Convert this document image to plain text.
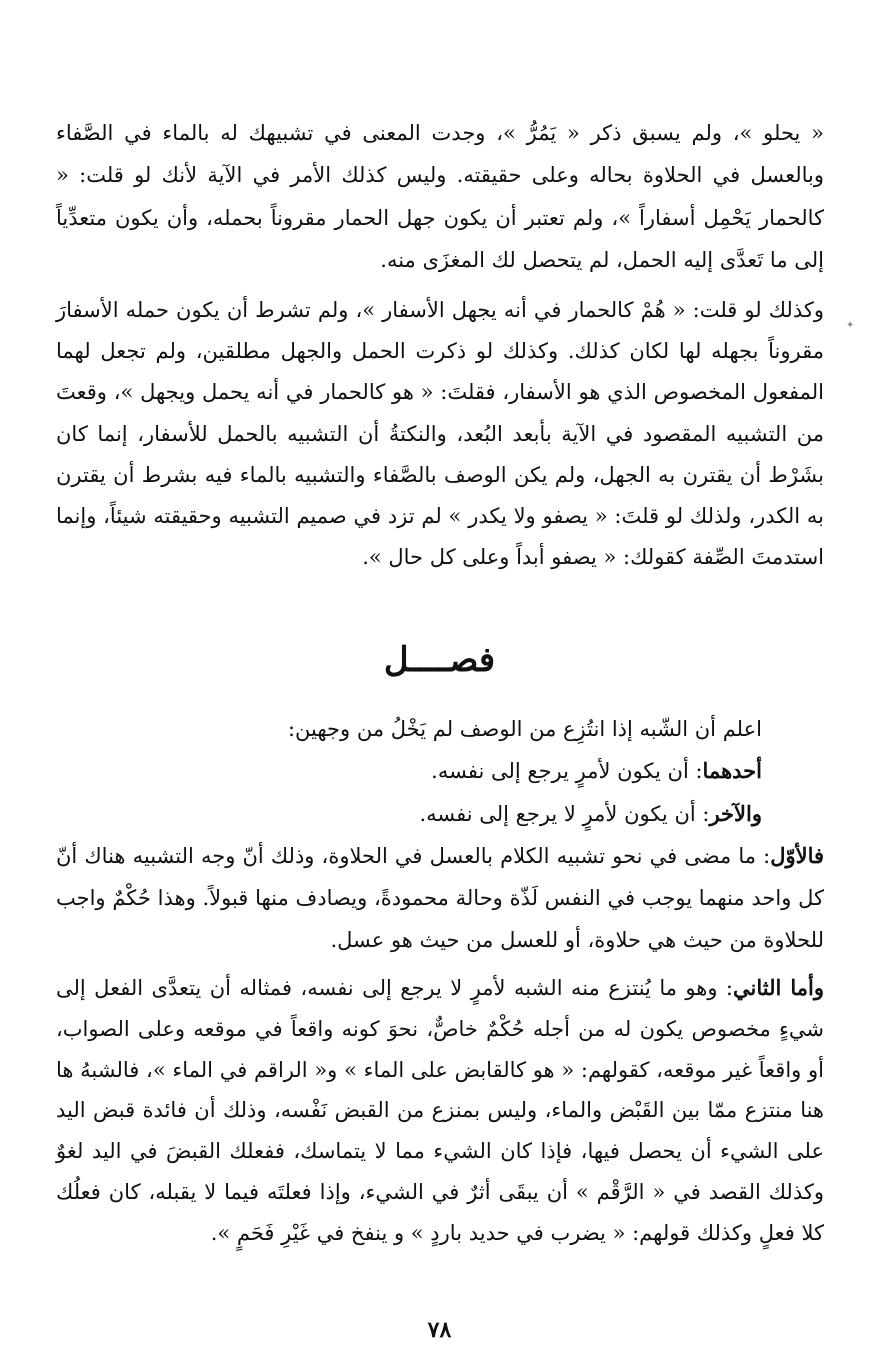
« يحلو »، ولم يسبق ذكر « يَمُرُّ »، وجدت المعنى في تشبيهك له بالماء في الصَّفاء وبالعسل في الحلاوة بحاله وعلى حقيقته. وليس كذلك الأمر في الآية لأنك لو قلت: « كالحمار يَحْمِل أسفاراً »، ولم تعتبر أن يكون جهل الحمار مقروناً بحمله، وأن يكون متعدِّياً إلى ما تَعدَّى إليه الحمل، لم يتحصل لك المغزَى منه.

وكذلك لو قلت: « هُمْ كالحمار في أنه يجهل الأسفار »، ولم تشرط أن يكون حمله الأسفارَ مقروناً بجهله لها لكان كذلك. وكذلك لو ذكرت الحمل والجهل مطلقين، ولم تجعل لهما المفعول المخصوص الذي هو الأسفار، فقلتَ: « هو كالحمار في أنه يحمل ويجهل »، وقعتَ من التشبيه المقصود في الآية بأبعد البُعد، والنكتةُ أن التشبيه بالحمل للأسفار، إنما كان بشَرْط أن يقترن به الجهل، ولم يكن الوصف بالصَّفاء والتشبيه بالماء فيه بشرط أن يقترن به الكدر، ولذلك لو قلتَ: « يصفو ولا يكدر » لم تزد في صميم التشبيه وحقيقته شيئاً، وإنما استدمتَ الصِّفة كقولك: « يصفو أبداً وعلى كل حال ».

فصــــل
اعلم أن الشّبه إذا انتُزِع من الوصف لم يَخْلُ من وجهين:
أحدهما: أن يكون لأمرٍ يرجع إلى نفسه.
والآخر: أن يكون لأمرٍ لا يرجع إلى نفسه.
فالأوّل: ما مضى في نحو تشبيه الكلام بالعسل في الحلاوة، وذلك أنّ وجه التشبيه هناك أنّ كل واحد منهما يوجب في النفس لَذّة وحالة محمودةً، ويصادف منها قبولاً. وهذا حُكْمٌ واجب للحلاوة من حيث هي حلاوة، أو للعسل من حيث هو عسل.

وأما الثاني: وهو ما يُنتزع منه الشبه لأمرٍ لا يرجع إلى نفسه، فمثاله أن يتعدَّى الفعل إلى شيءٍ مخصوص يكون له من أجله حُكْمٌ خاصٌّ، نحوَ كونه واقعاً في موقعه وعلى الصواب، أو واقعاً غير موقعه، كقولهم: « هو كالقابض على الماء » و« الراقم في الماء »، فالشبهُ ها هنا منتزع ممّا بين القَبْض والماء، وليس بمنزع من القبض نَفْسه، وذلك أن فائدة قبض اليد على الشيء أن يحصل فيها، فإذا كان الشيء مما لا يتماسك، ففعلك القبضَ في اليد لغوٌ وكذلك القصد في « الرَّقْم » أن يبقَى أثرٌ في الشيء، وإذا فعلتَه فيما لا يقبله، كان فعلُك كلا فعلٍ وكذلك قولهم: « يضرب في حديد باردٍ » و ينفخ في غَيْرِ فَحَمٍ ».

٧٨
✦
